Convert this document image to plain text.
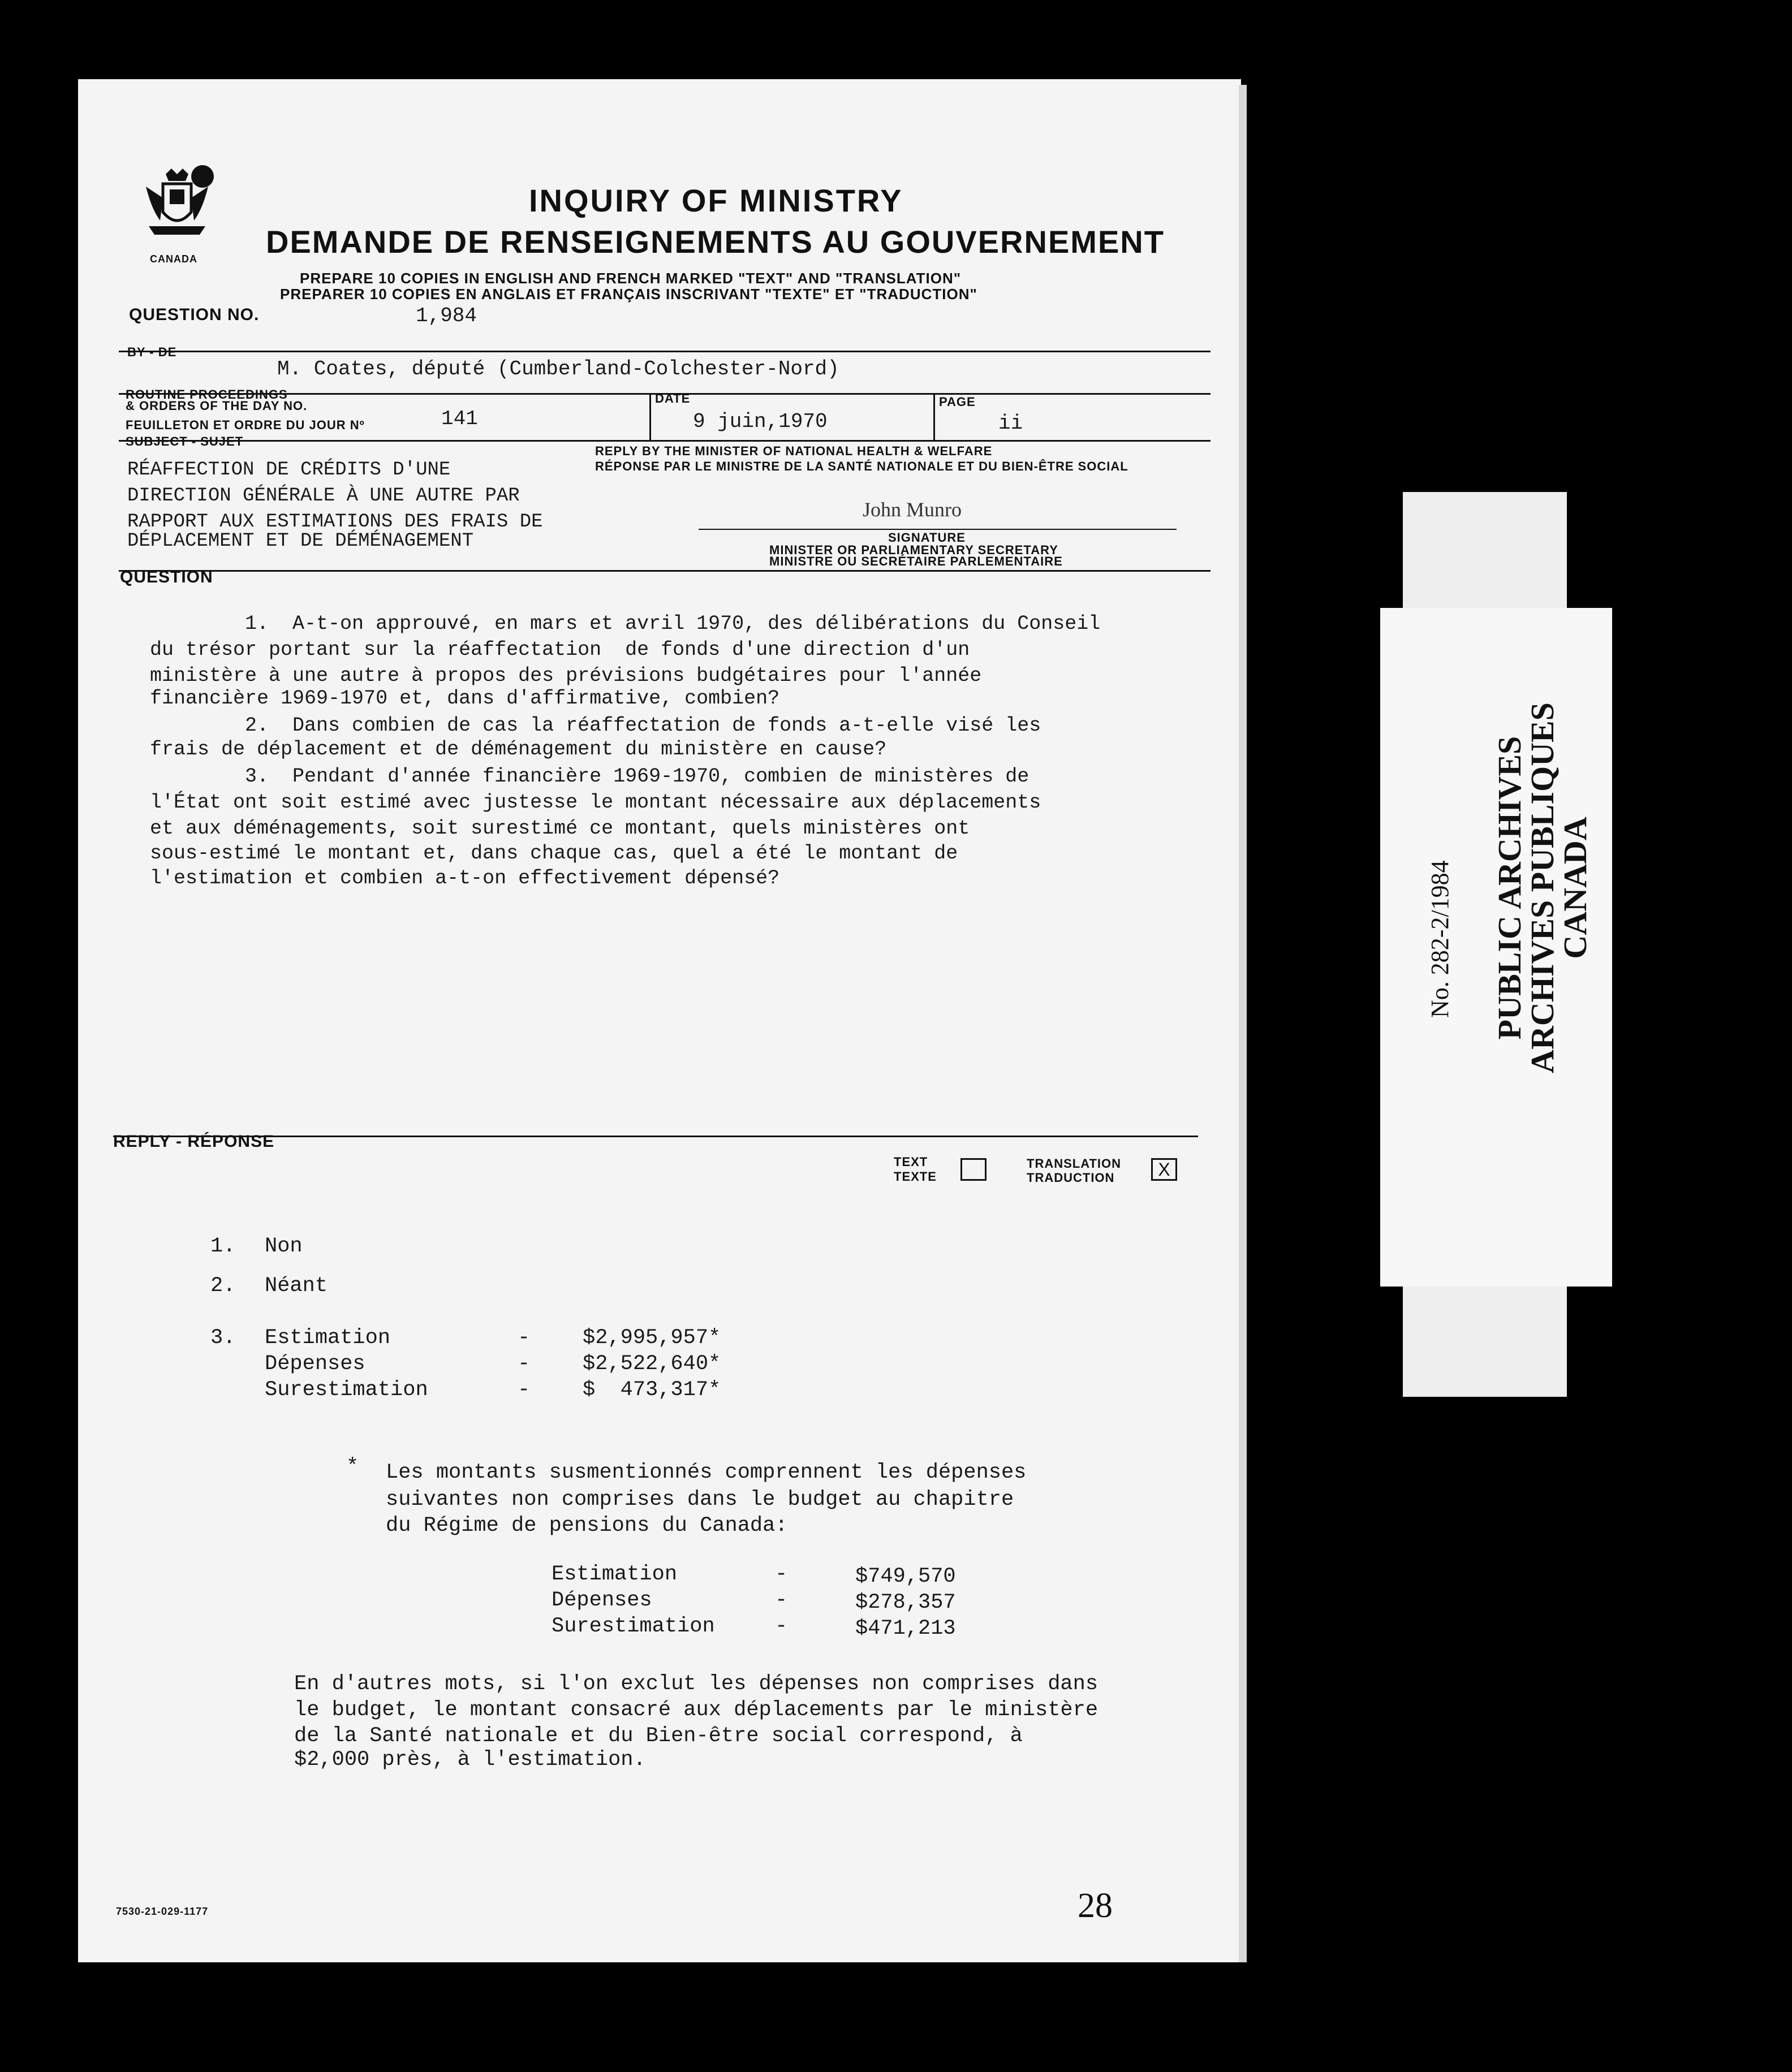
No. 282-2/1984 PUBLIC ARCHIVES
ARCHIVES PUBLIQUES
CANADA
CANADA
INQUIRY OF MINISTRY
DEMANDE DE RENSEIGNEMENTS AU GOUVERNEMENT
PREPARE 10 COPIES IN ENGLISH AND FRENCH MARKED "TEXT" AND "TRANSLATION"
PREPARER 10 COPIES EN ANGLAIS ET FRANÇAIS INSCRIVANT "TEXTE" ET "TRADUCTION"
QUESTION NO.	1,984
BY - DE
M. Coates, député (Cumberland-Colchester-Nord)
ROUTINE PROCEEDINGS
& ORDERS OF THE DAY NO.
FEUILLETON ET ORDRE DU JOUR Nº	141
DATE
9 juin,1970
PAGE
ii
SUBJECT - SUJET
RÉAFFECTION DE CRÉDITS D'UNE
DIRECTION GÉNÉRALE À UNE AUTRE PAR
RAPPORT AUX ESTIMATIONS DES FRAIS DE
DÉPLACEMENT ET DE DÉMÉNAGEMENT
REPLY BY THE MINISTER OF NATIONAL HEALTH & WELFARE
RÉPONSE PAR LE MINISTRE DE LA SANTÉ NATIONALE ET DU BIEN-ÊTRE SOCIAL
John Munro
SIGNATURE
MINISTER OR PARLIAMENTARY SECRETARY
MINISTRE OU SECRÉTAIRE PARLEMENTAIRE
QUESTION
1.  A-t-on approuvé, en mars et avril 1970, des délibérations du Conseil
du trésor portant sur la réaffectation  de fonds d'une direction d'un
ministère à une autre à propos des prévisions budgétaires pour l'année
financière 1969-1970 et, dans d'affirmative, combien?
2.  Dans combien de cas la réaffectation de fonds a-t-elle visé les
frais de déplacement et de déménagement du ministère en cause?
3.  Pendant d'année financière 1969-1970, combien de ministères de
l'État ont soit estimé avec justesse le montant nécessaire aux déplacements
et aux déménagements, soit surestimé ce montant, quels ministères ont
sous-estimé le montant et, dans chaque cas, quel a été le montant de
l'estimation et combien a-t-on effectivement dépensé?
REPLY - RÉPONSE
TEXT
TEXTE
TRANSLATION
TRADUCTION	X
1. Non
2. Néant
3. Estimation	-	$2,995,957*
Dépenses	-	$2,522,640*
Surestimation	-	$  473,317*
* Les montants susmentionnés comprennent les dépenses
suivantes non comprises dans le budget au chapitre
du Régime de pensions du Canada:
Estimation	-	$749,570
Dépenses	-	$278,357
Surestimation	-	$471,213
En d'autres mots, si l'on exclut les dépenses non comprises dans
le budget, le montant consacré aux déplacements par le ministère
de la Santé nationale et du Bien-être social correspond, à
$2,000 près, à l'estimation.
7530-21-029-1177	28
